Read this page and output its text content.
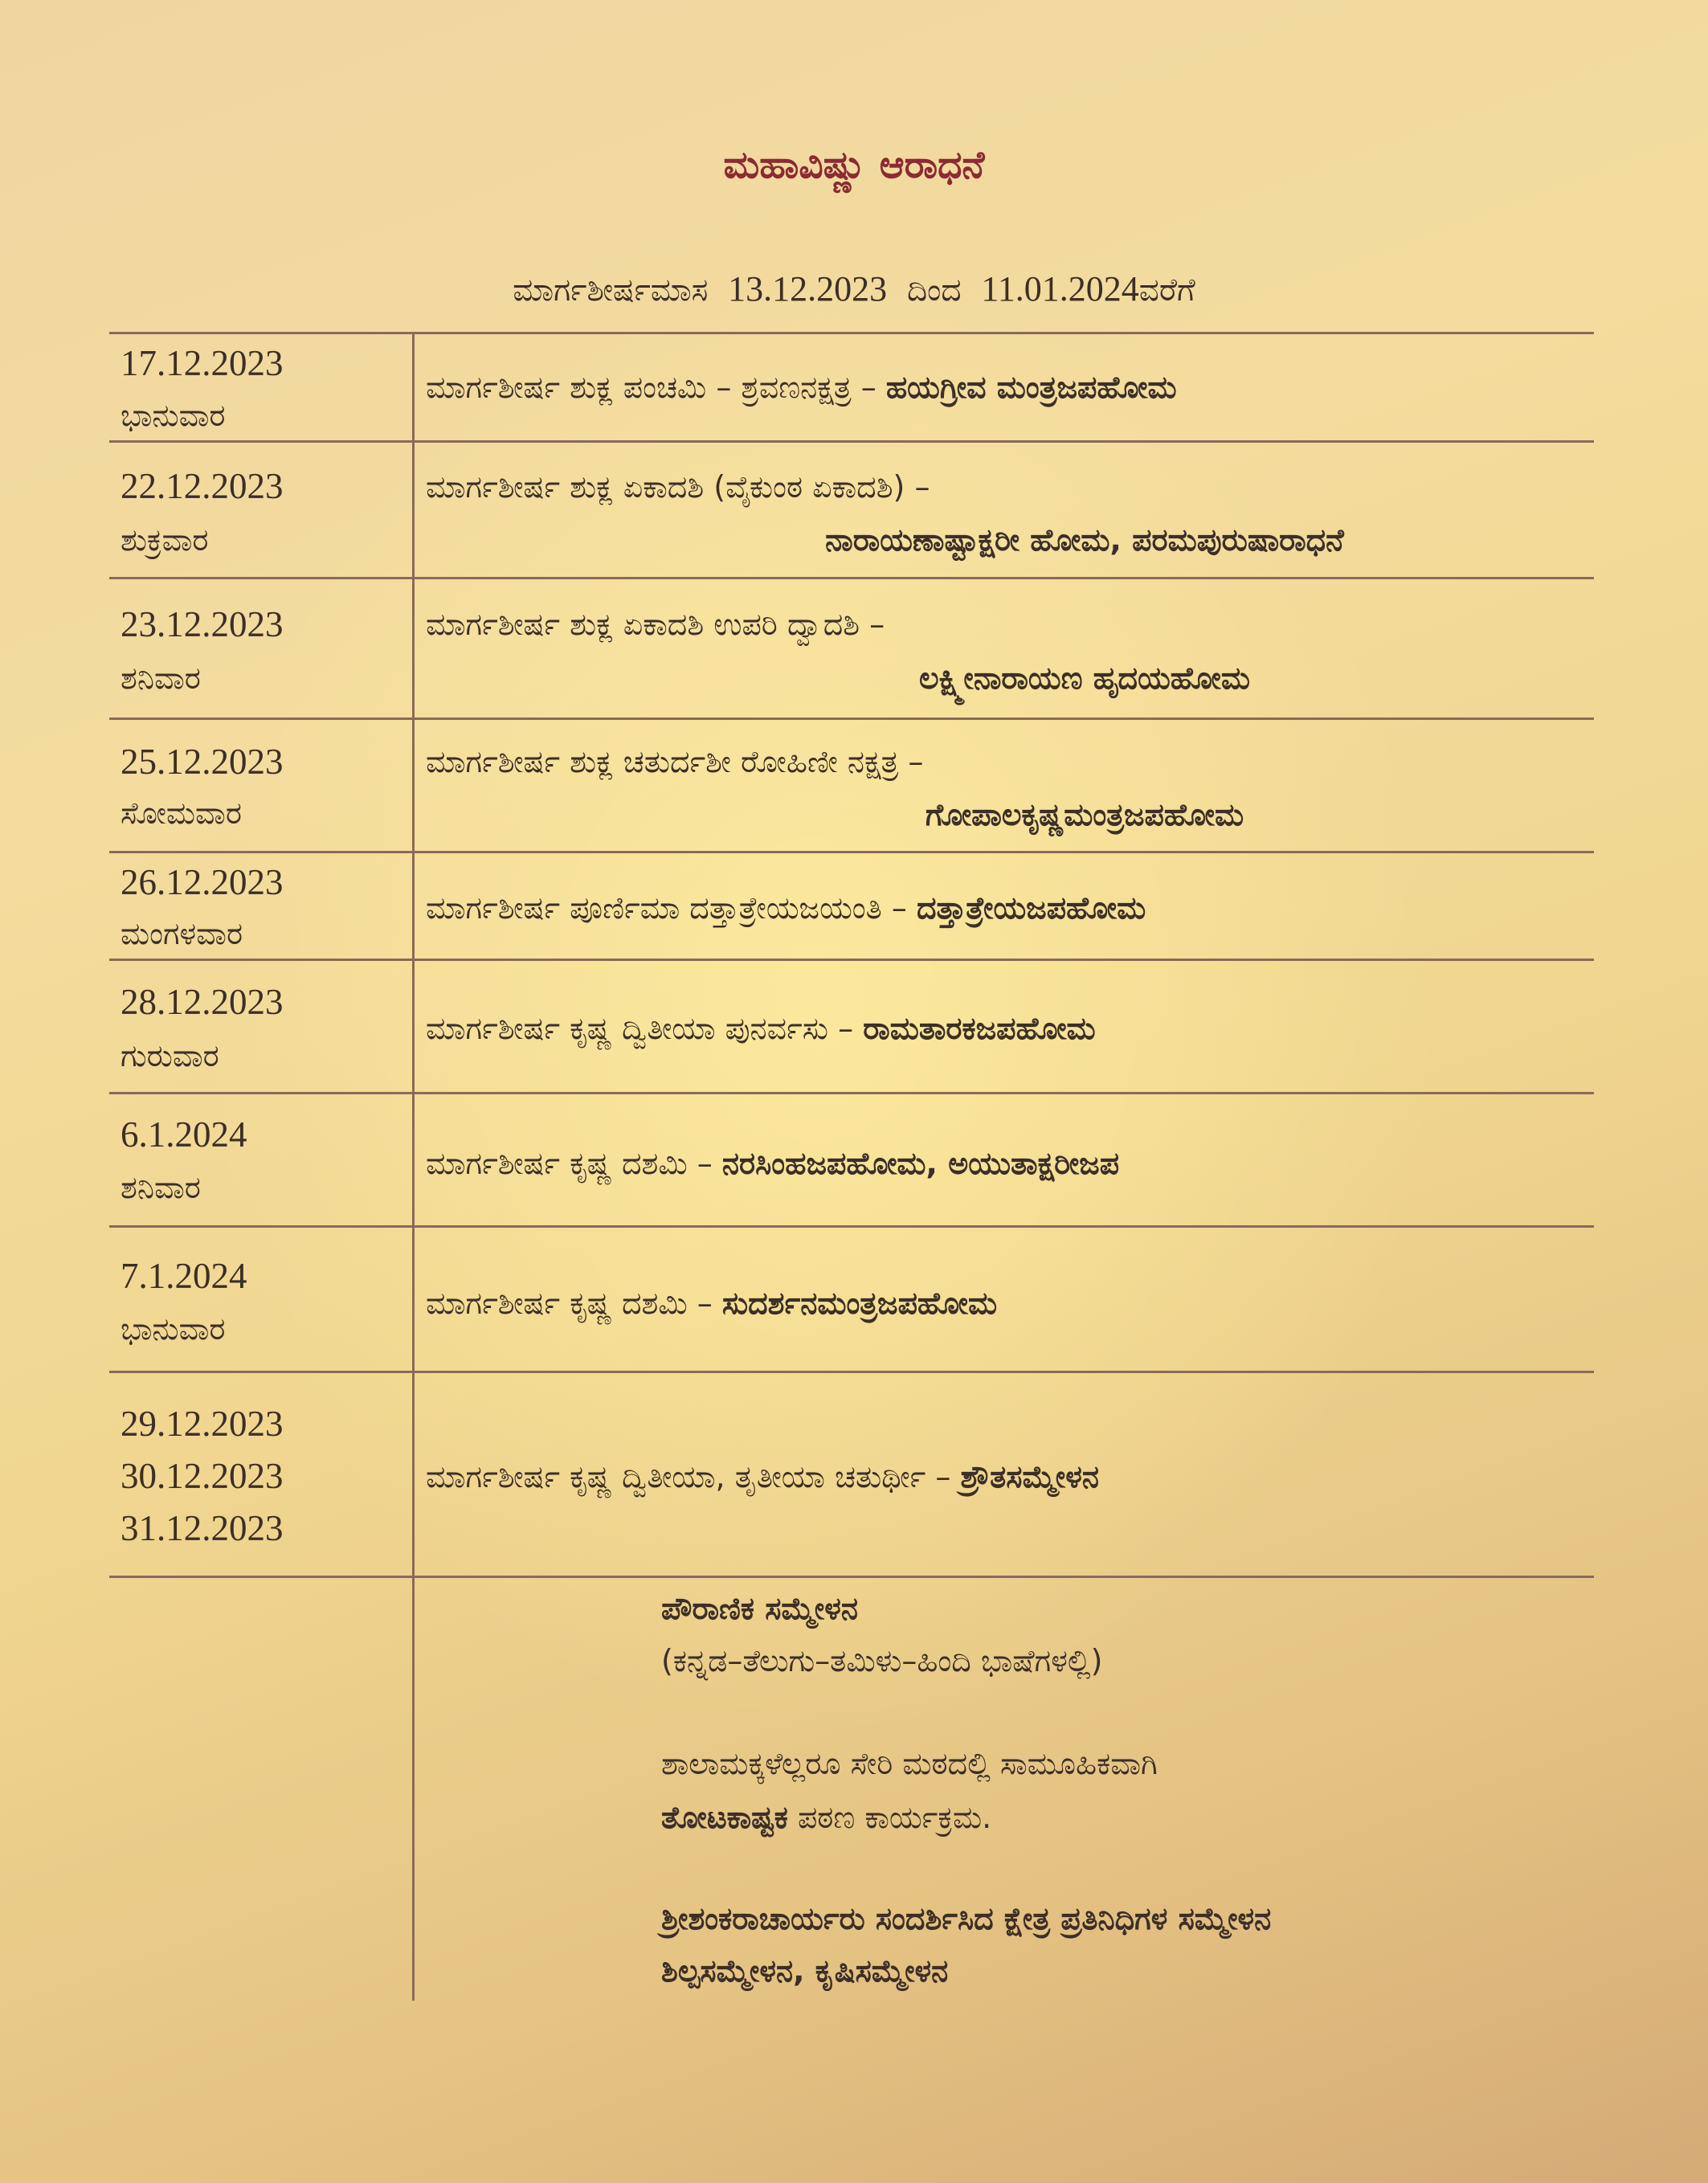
ಮಹಾವಿಷ್ಣು ಆರಾಧನೆ
ಮಾರ್ಗಶೀರ್ಷಮಾಸ 13.12.2023 ದಿಂದ 11.01.2024ವರೆಗೆ
17.12.2023
ಭಾನುವಾರ
ಮಾರ್ಗಶೀರ್ಷ ಶುಕ್ಲ ಪಂಚಮಿ – ಶ್ರವಣನಕ್ಷತ್ರ – ಹಯಗ್ರೀವ ಮಂತ್ರಜಪಹೋಮ
22.12.2023
ಶುಕ್ರವಾರ
ಮಾರ್ಗಶೀರ್ಷ ಶುಕ್ಲ ಏಕಾದಶಿ (ವೈಕುಂಠ ಏಕಾದಶಿ) –
ನಾರಾಯಣಾಷ್ಟಾಕ್ಷರೀ ಹೋಮ, ಪರಮಪುರುಷಾರಾಧನೆ
23.12.2023
ಶನಿವಾರ
ಮಾರ್ಗಶೀರ್ಷ ಶುಕ್ಲ ಏಕಾದಶಿ ಉಪರಿ ದ್ವಾದಶಿ –
ಲಕ್ಷ್ಮೀನಾರಾಯಣ ಹೃದಯಹೋಮ
25.12.2023
ಸೋಮವಾರ
ಮಾರ್ಗಶೀರ್ಷ ಶುಕ್ಲ ಚತುರ್ದಶೀ ರೋಹಿಣೀ ನಕ್ಷತ್ರ –
ಗೋಪಾಲಕೃಷ್ಣಮಂತ್ರಜಪಹೋಮ
26.12.2023
ಮಂಗಳವಾರ
ಮಾರ್ಗಶೀರ್ಷ ಪೂರ್ಣಿಮಾ ದತ್ತಾತ್ರೇಯಜಯಂತಿ – ದತ್ತಾತ್ರೇಯಜಪಹೋಮ
28.12.2023
ಗುರುವಾರ
ಮಾರ್ಗಶೀರ್ಷ ಕೃಷ್ಣ ದ್ವಿತೀಯಾ ಪುನರ್ವಸು – ರಾಮತಾರಕಜಪಹೋಮ
6.1.2024
ಶನಿವಾರ
ಮಾರ್ಗಶೀರ್ಷ ಕೃಷ್ಣ ದಶಮಿ – ನರಸಿಂಹಜಪಹೋಮ, ಅಯುತಾಕ್ಷರೀಜಪ
7.1.2024
ಭಾನುವಾರ
ಮಾರ್ಗಶೀರ್ಷ ಕೃಷ್ಣ ದಶಮಿ – ಸುದರ್ಶನಮಂತ್ರಜಪಹೋಮ
29.12.2023
30.12.2023
31.12.2023
ಮಾರ್ಗಶೀರ್ಷ ಕೃಷ್ಣ ದ್ವಿತೀಯಾ, ತೃತೀಯಾ ಚತುರ್ಥೀ – ಶ್ರೌತಸಮ್ಮೇಳನ
ಪೌರಾಣಿಕ ಸಮ್ಮೇಳನ
(ಕನ್ನಡ–ತೆಲುಗು–ತಮಿಳು–ಹಿಂದಿ ಭಾಷೆಗಳಲ್ಲಿ)
ಶಾಲಾಮಕ್ಕಳೆಲ್ಲರೂ ಸೇರಿ ಮಠದಲ್ಲಿ ಸಾಮೂಹಿಕವಾಗಿ
ತೋಟಕಾಷ್ಟಕ ಪಠಣ ಕಾರ್ಯಕ್ರಮ.
ಶ್ರೀಶಂಕರಾಚಾರ್ಯರು ಸಂದರ್ಶಿಸಿದ ಕ್ಷೇತ್ರ ಪ್ರತಿನಿಧಿಗಳ ಸಮ್ಮೇಳನ
ಶಿಲ್ಪಸಮ್ಮೇಳನ, ಕೃಷಿಸಮ್ಮೇಳನ
